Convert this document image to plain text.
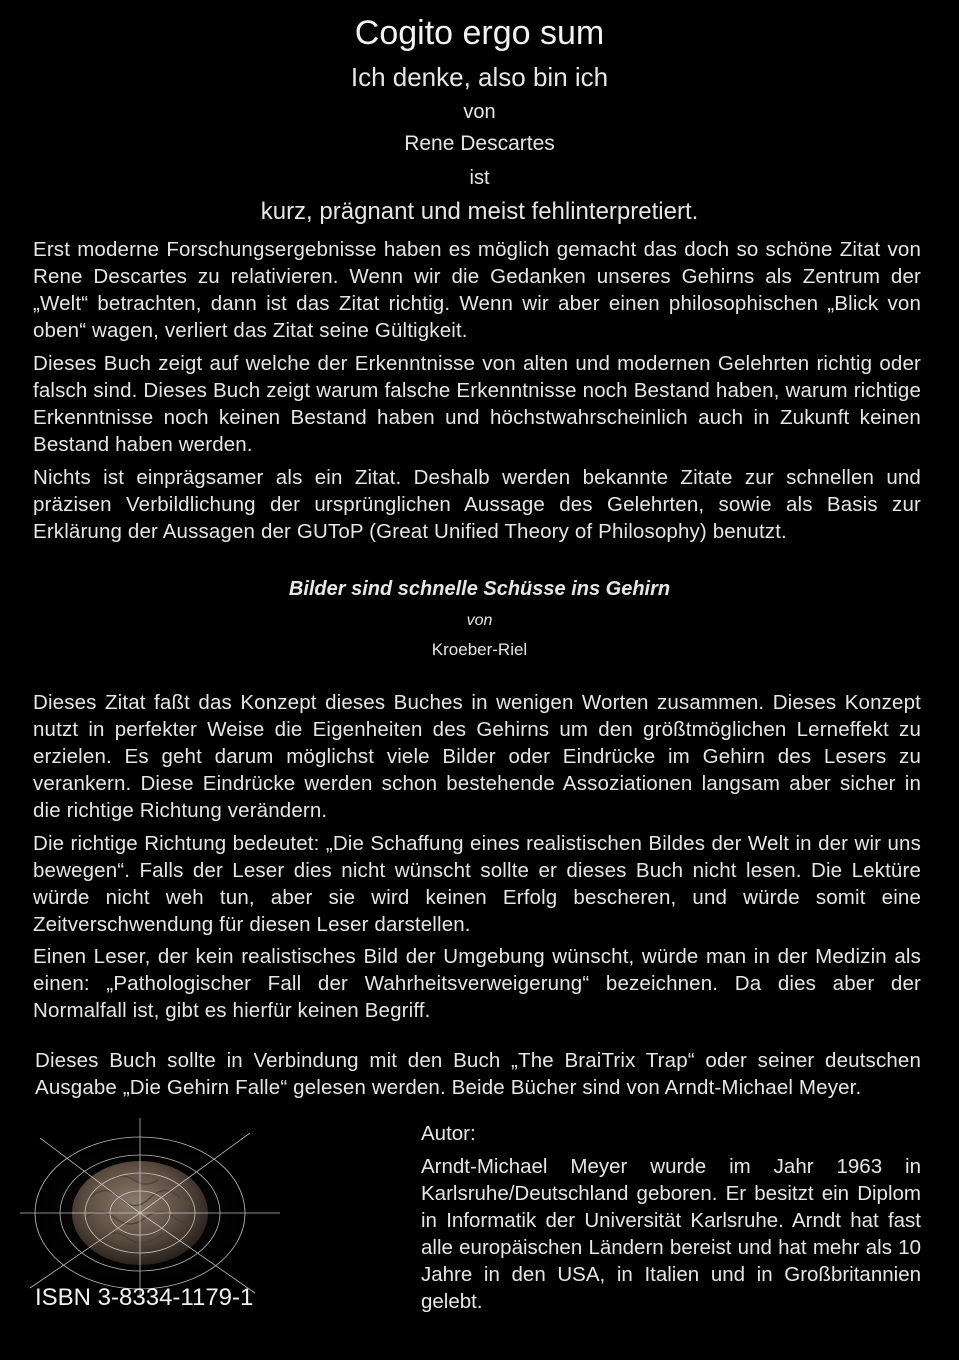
Cogito ergo sum
Ich denke, also bin ich
von
Rene Descartes
ist
kurz, prägnant und meist fehlinterpretiert.

Erst moderne Forschungsergebnisse haben es möglich gemacht das doch so schöne Zitat von Rene Descartes zu relativieren. Wenn wir die Gedanken unseres Gehirns als Zentrum der „Welt“ betrachten, dann ist das Zitat richtig. Wenn wir aber einen philosophischen „Blick von oben“ wagen, verliert das Zitat seine Gültigkeit.

Dieses Buch zeigt auf welche der Erkenntnisse von alten und modernen Gelehrten richtig oder falsch sind. Dieses Buch zeigt warum falsche Erkenntnisse noch Bestand haben, warum richtige Erkenntnisse noch keinen Bestand haben und höchstwahrscheinlich auch in Zukunft keinen Bestand haben werden.

Nichts ist einprägsamer als ein Zitat. Deshalb werden bekannte Zitate zur schnellen und präzisen Verbildlichung der ursprünglichen Aussage des Gelehrten, sowie als Basis zur Erklärung der Aussagen der GUToP (Great Unified Theory of Philosophy) benutzt.

Bilder sind schnelle Schüsse ins Gehirn
von
Kroeber-Riel

Dieses Zitat faßt das Konzept dieses Buches in wenigen Worten zusammen. Dieses Konzept nutzt in perfekter Weise die Eigenheiten des Gehirns um den größtmöglichen Lerneffekt zu erzielen. Es geht darum möglichst viele Bilder oder Eindrücke im Gehirn des Lesers zu verankern. Diese Eindrücke werden schon bestehende Assoziationen langsam aber sicher in die richtige Richtung verändern.

Die richtige Richtung bedeutet: „Die Schaffung eines realistischen Bildes der Welt in der wir uns bewegen“. Falls der Leser dies nicht wünscht sollte er dieses Buch nicht lesen. Die Lektüre würde nicht weh tun, aber sie wird keinen Erfolg bescheren, und würde somit eine Zeitverschwendung für diesen Leser darstellen.

Einen Leser, der kein realistisches Bild der Umgebung wünscht, würde man in der Medizin als einen: „Pathologischer Fall der Wahrheitsverweigerung“ bezeichnen. Da dies aber der Normalfall ist, gibt es hierfür keinen Begriff.

Dieses Buch sollte in Verbindung mit den Buch „The BraiTrix Trap“ oder seiner deutschen Ausgabe „Die Gehirn Falle“ gelesen werden. Beide Bücher sind von Arndt-Michael Meyer.

Autor:

Arndt-Michael Meyer wurde im Jahr 1963 in Karlsruhe/Deutschland geboren. Er besitzt ein Diplom in Informatik der Universität Karlsruhe. Arndt hat fast alle europäischen Ländern bereist und hat mehr als 10 Jahre in den USA, in Italien und in Großbritannien gelebt.

ISBN 3-8334-1179-1
